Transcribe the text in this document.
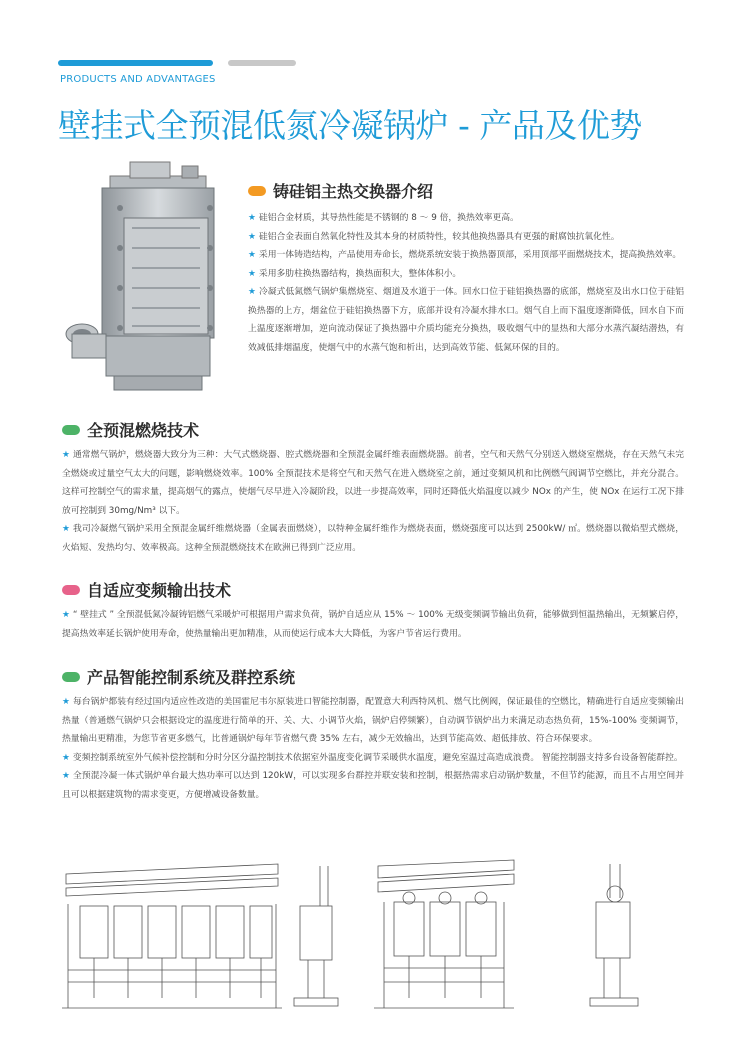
PRODUCTS AND ADVANTAGES
壁挂式全预混低氮冷凝锅炉 - 产品及优势
铸硅铝主热交换器介绍

★ 硅铝合金材质，其导热性能是不锈钢的 8 ～ 9 倍，换热效率更高。

★ 硅铝合金表面自然氧化特性及其本身的材质特性，较其他换热器具有更强的耐腐蚀抗氧化性。

★ 采用一体铸造结构，产品使用寿命长，燃烧系统安装于换热器顶部，采用顶部平面燃烧技术，提高换热效率。

★ 采用多肋柱换热器结构，换热面积大，整体体积小。

★ 冷凝式低氮燃气锅炉集燃烧室、烟道及水道于一体。回水口位于硅铝换热器的底部，燃烧室及出水口位于硅铝换热器的上方，烟盆位于硅铝换热器下方，底部并设有冷凝水排水口。烟气自上而下温度逐渐降低，回水自下而上温度逐渐增加，逆向流动保证了换热器中介质均能充分换热，吸收烟气中的显热和大部分水蒸汽凝结潜热，有效减低排烟温度，使烟气中的水蒸气饱和析出，达到高效节能、低氮环保的目的。

全预混燃烧技术

★ 通常燃气锅炉，燃烧器大致分为三种：大气式燃烧器、腔式燃烧器和全预混金属纤维表面燃烧器。前者，空气和天然气分别送入燃烧室燃烧，存在天然气未完全燃烧或过量空气太大的问题，影响燃烧效率。100% 全预混技术是将空气和天然气在进入燃烧室之前，通过变频风机和比例燃气阀调节空燃比，并充分混合。这样可控制空气的需求量，提高烟气的露点，使烟气尽早进入冷凝阶段，以进一步提高效率，同时还降低火焰温度以减少 NOx 的产生，使 NOx 在运行工况下排放可控制到 30mg/Nm³ 以下。

★ 我司冷凝燃气锅炉采用全预混金属纤维燃烧器（金属表面燃烧），以特种金属纤维作为燃烧表面，燃烧强度可以达到 2500kW/ ㎡。燃烧器以微焰型式燃烧，火焰短、发热均匀、效率极高。这种全预混燃烧技术在欧洲已得到广泛应用。

自适应变频输出技术

★ “ 壁挂式 ” 全预混低氮冷凝铸铝燃气采暖炉可根据用户需求负荷，锅炉自适应从 15% ～ 100% 无级变频调节输出负荷，能够做到恒温热输出，无频繁启停，提高热效率延长锅炉使用寿命，使热量输出更加精准，从而使运行成本大大降低，为客户节省运行费用。

产品智能控制系统及群控系统

★ 每台锅炉都装有经过国内适应性改造的美国霍尼韦尔原装进口智能控制器，配置意大利西特风机、燃气比例阀，保证最佳的空燃比，精确进行自适应变频输出热量（普通燃气锅炉只会根据设定的温度进行简单的开、关、大、小调节火焰，锅炉启停频繁），自动调节锅炉出力来满足动态热负荷，15%-100% 变频调节，热量输出更精准，为您节省更多燃气，比普通锅炉每年节省燃气费 35% 左右，减少无效输出，达到节能高效、超低排放、符合环保要求。

★ 变频控制系统室外气候补偿控制和分时分区分温控制技术依据室外温度变化调节采暖供水温度，避免室温过高造成浪费。 智能控制器支持多台设备智能群控。

★ 全预混冷凝一体式锅炉单台最大热功率可以达到 120kW，可以实现多台群控并联安装和控制，根据热需求启动锅炉数量，不但节约能源，而且不占用空间并且可以根据建筑物的需求变更，方便增减设备数量。
